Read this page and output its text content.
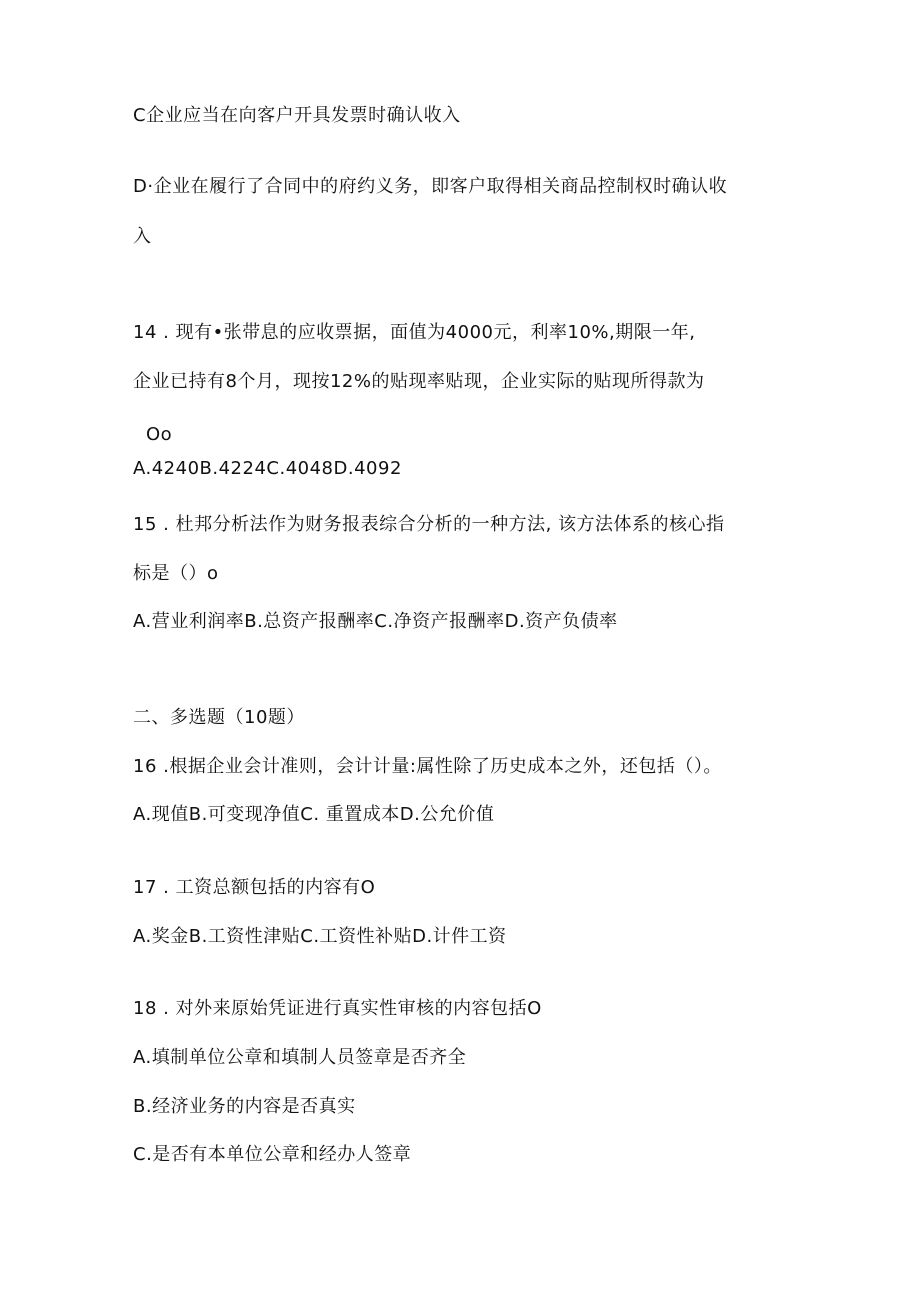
C企业应当在向客户开具发票时确认收入
D·企业在履行了合同中的府约义务，即客户取得相关商品控制权时确认收
入
14 . 现有•张带息的应收票据，面值为4000元，利率10%,期限一年,
企业已持有8个月，现按12%的贴现率贴现，企业实际的贴现所得款为
Oo
A.4240B.4224C.4048D.4092
15 . 杜邦分析法作为财务报表综合分析的一种方法, 该方法体系的核心指
标是（）o
A.营业利润率B.总资产报酬率C.净资产报酬率D.资产负债率
二、多选题（10题）
16 .根据企业会计准则，会计计量:属性除了历史成本之外，还包括（）。
A.现值B.可变现净值C. 重置成本D.公允价值
17 . 工资总额包括的内容有O
A.奖金B.工资性津贴C.工资性补贴D.计件工资
18 . 对外来原始凭证进行真实性审核的内容包括O
A.填制单位公章和填制人员签章是否齐全
B.经济业务的内容是否真实
C.是否有本单位公章和经办人签章
